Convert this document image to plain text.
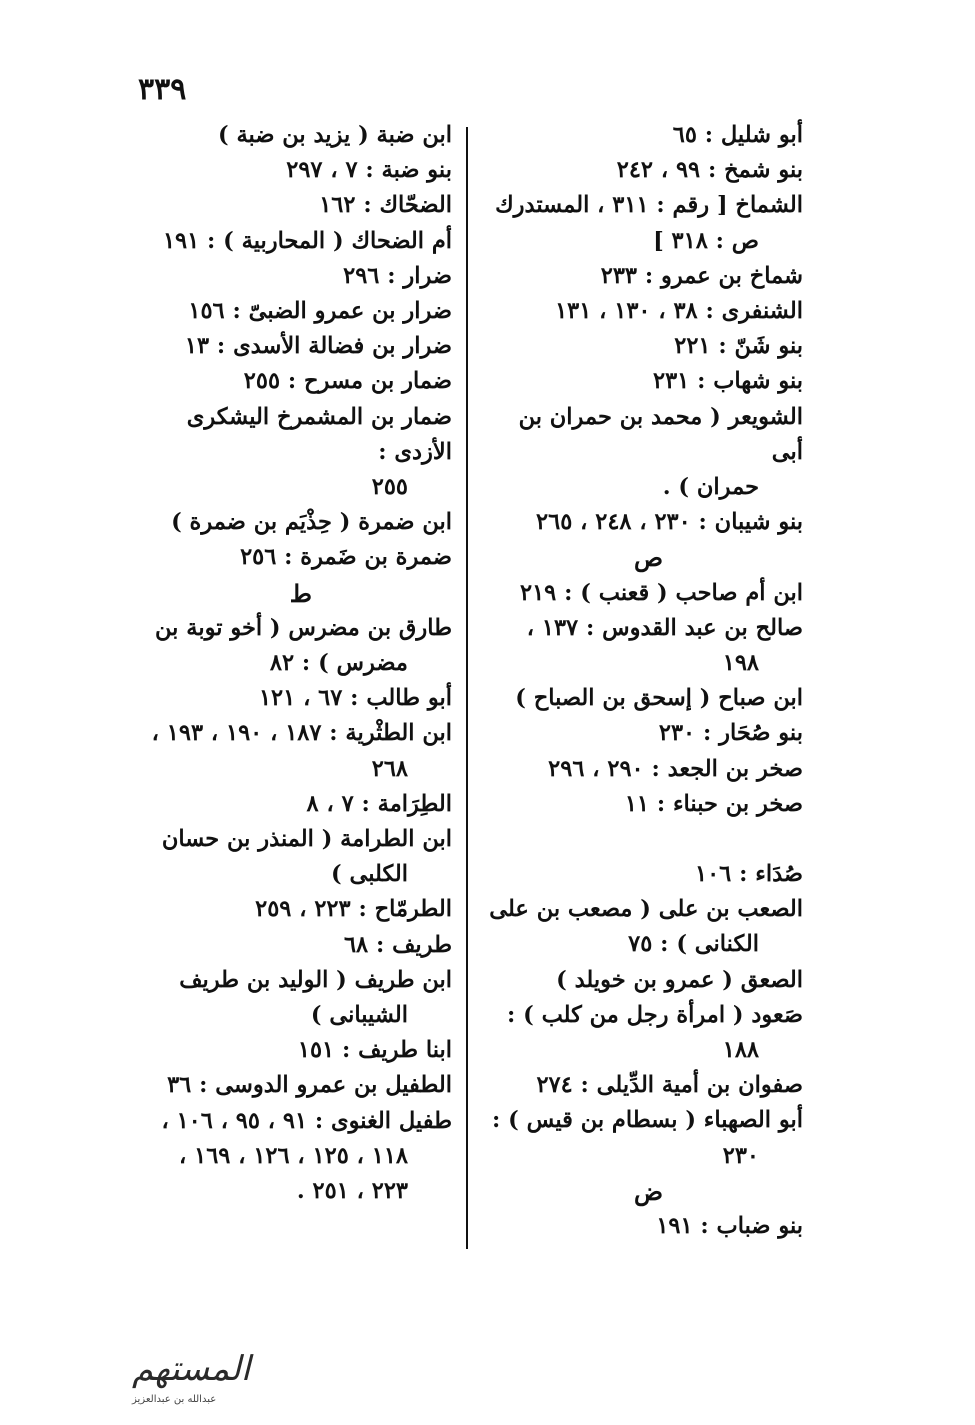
٣٣٩
أبو شليل : ٦٥
بنو شمخ : ٩٩ ، ٢٤٢
الشماخ [ رقم : ٣١١ ، المستدرك
ص : ٣١٨ ]
شماخ بن عمرو : ٢٣٣
الشنفرى : ٣٨ ، ١٣٠ ، ١٣١
بنو شَنّ : ٢٢١
بنو شهاب : ٢٣١
الشويعر ( محمد بن حمران بن أبى
حمران ) .
بنو شيبان : ٢٣٠ ، ٢٤٨ ، ٢٦٥
ص
ابن أم صاحب ( قعنب ) : ٢١٩
صالح بن عبد القدوس : ١٣٧ ،
١٩٨
ابن صباح ( إسحق بن الصباح )
بنو صُحَار : ٢٣٠
صخر بن الجعد : ٢٩٠ ، ٢٩٦
صخر بن حبناء : ١١
صُدَاء : ١٠٦
الصعب بن على ( مصعب بن على
الكنانى ) : ٧٥
الصعق ( عمرو بن خويلد )
صَعود ( امرأة رجل من كلب ) :
١٨٨
صفوان بن أمية الدِّيلى : ٢٧٤
أبو الصهباء ( بسطام بن قيس ) :
٢٣٠
ض
بنو ضباب : ١٩١
ابن ضبة ( يزيد بن ضبة )
بنو ضبة : ٧ ، ٢٩٧
الضحّاك : ١٦٢
أم الضحاك ( المحاربية ) : ١٩١
ضرار : ٢٩٦
ضرار بن عمرو الضبىّ : ١٥٦
ضرار بن فضالة الأسدى : ١٣
ضمار بن مسرح : ٢٥٥
ضمار بن المشمرخ اليشكرى الأزدى :
٢٥٥
ابن ضمرة ( حِذْيَم بن ضمرة )
ضمرة بن ضَمرة : ٢٥٦
ط
طارق بن مضرس ( أخو توبة بن
مضرس ) : ٨٢
أبو طالب : ٦٧ ، ١٢١
ابن الطثْرية : ١٨٧ ، ١٩٠ ، ١٩٣ ،
٢٦٨
الطِرَامة : ٧ ، ٨
ابن الطرامة ( المنذر بن حسان
الكلبى )
الطرمّاح : ٢٢٣ ، ٢٥٩
طريف : ٦٨
ابن طريف ( الوليد بن طريف
الشيبانى )
ابنا طريف : ١٥١
الطفيل بن عمرو الدوسى : ٣٦
طفيل الغنوى : ٩١ ، ٩٥ ، ١٠٦ ،
١١٨ ، ١٢٥ ، ١٢٦ ، ١٦٩ ،
٢٢٣ ، ٢٥١ .
المستهم
عبدالله بن عبدالعزيز
